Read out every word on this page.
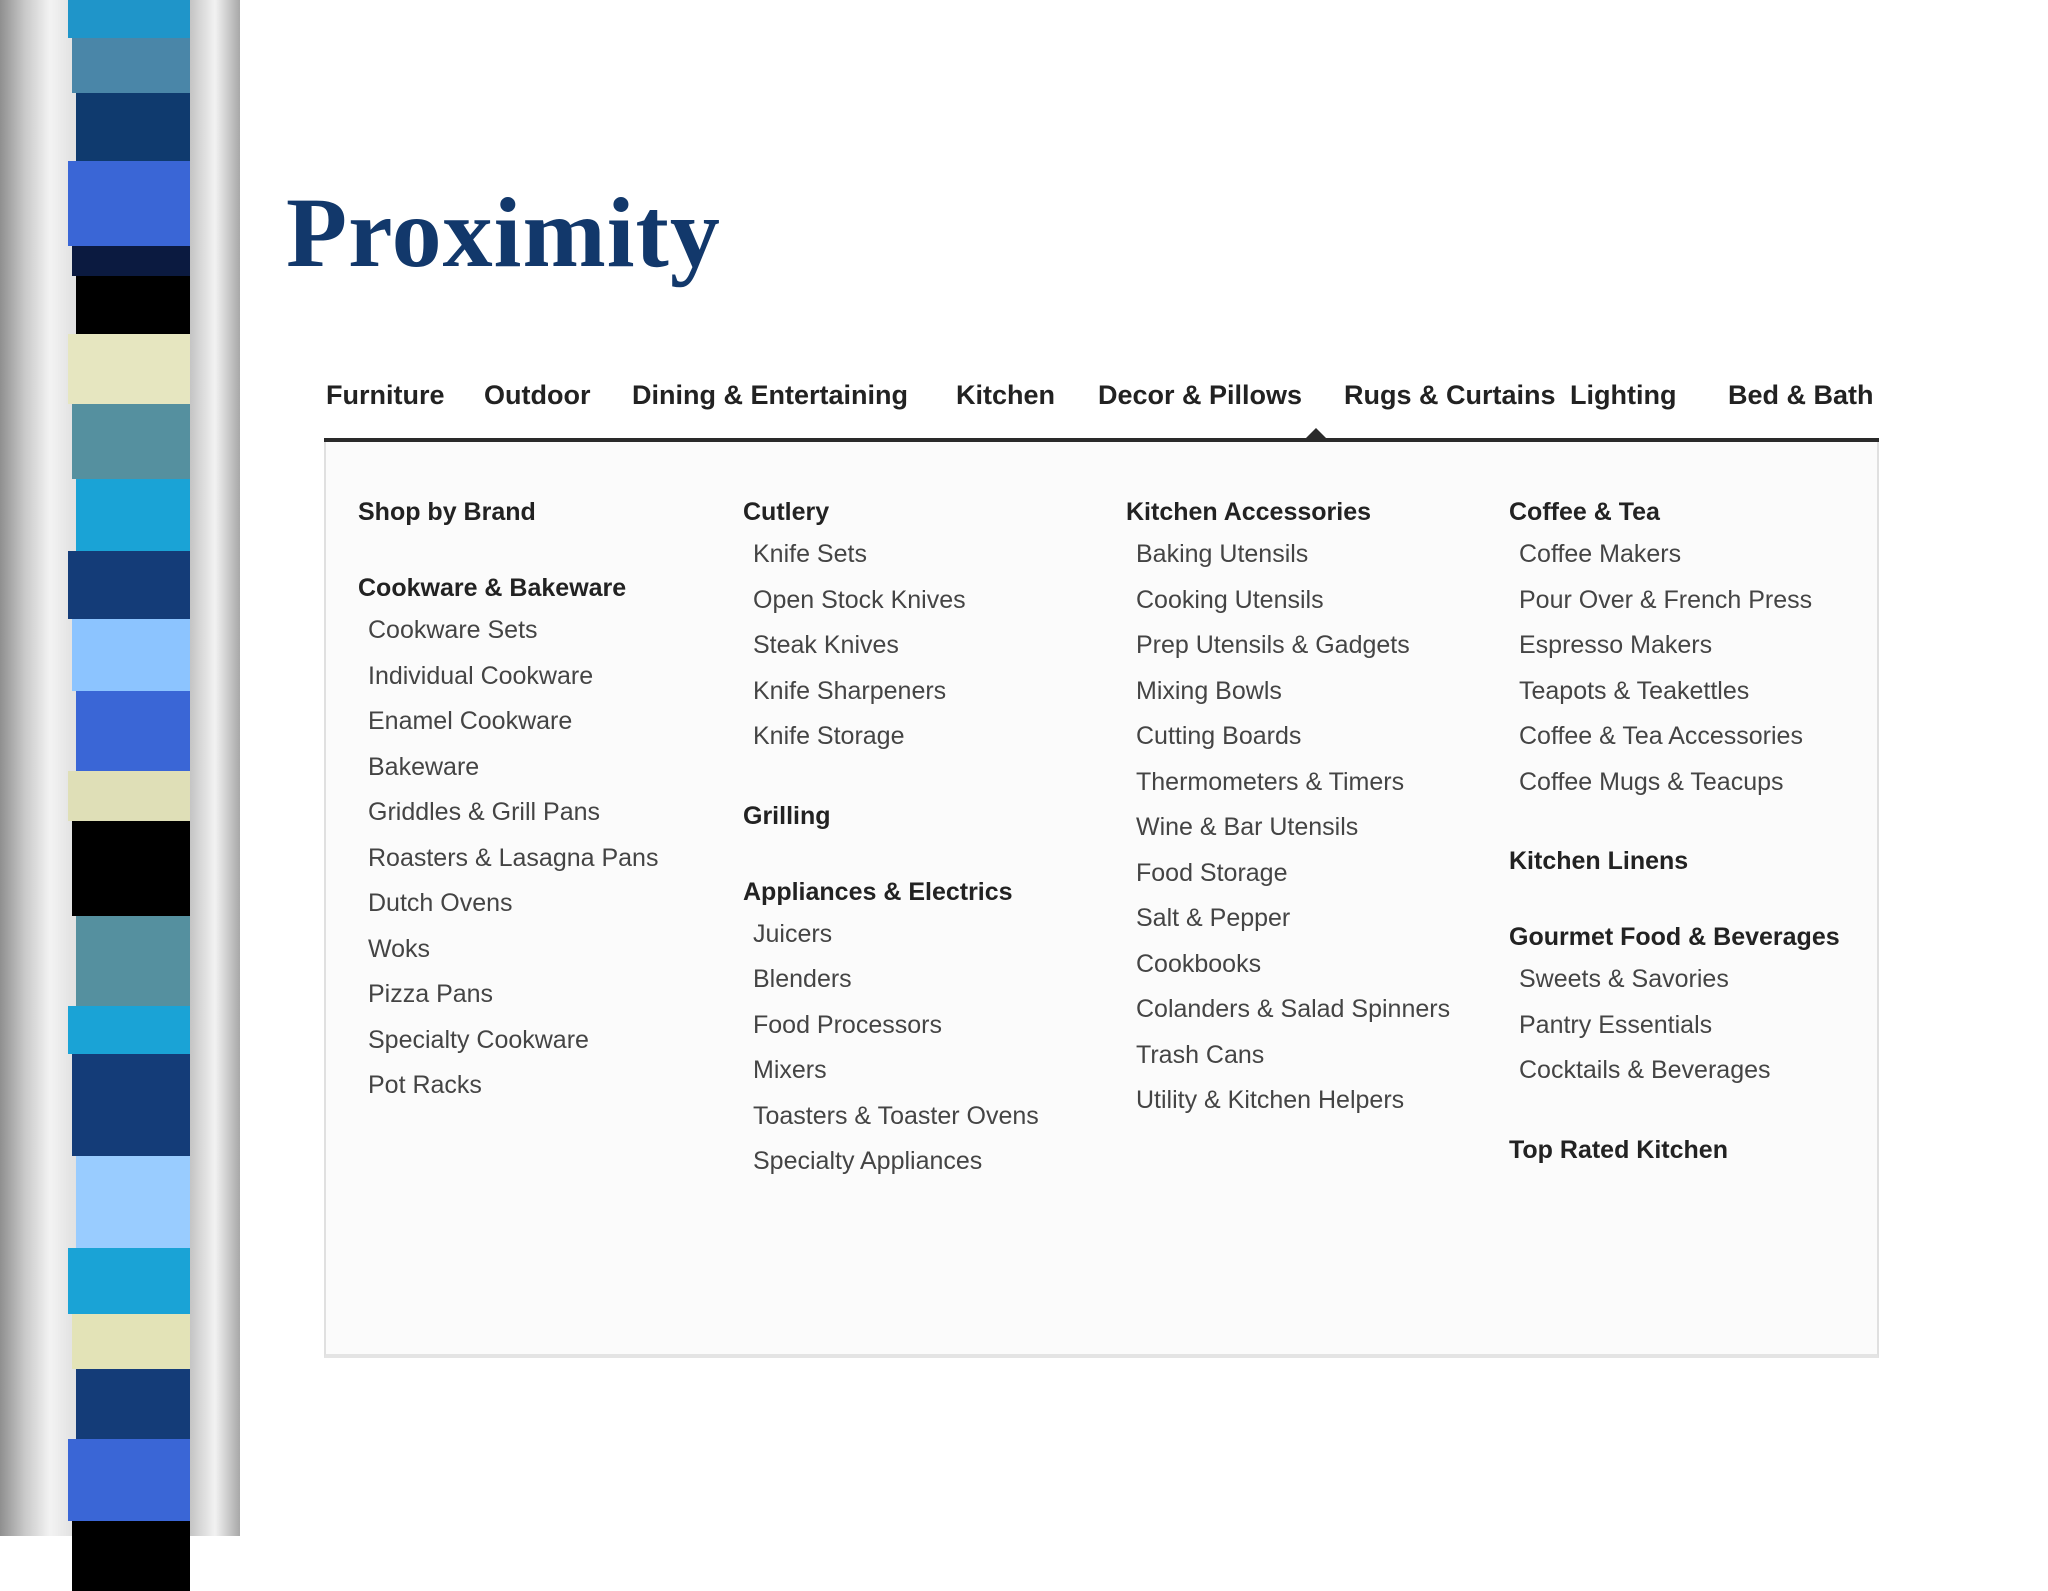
Proximity
Furniture Outdoor Dining & Entertaining Kitchen Decor & Pillows Rugs & Curtains Lighting Bed & Bath
Shop by Brand
Cookware & Bakeware
Cookware Sets
Individual Cookware
Enamel Cookware
Bakeware
Griddles & Grill Pans
Roasters & Lasagna Pans
Dutch Ovens
Woks
Pizza Pans
Specialty Cookware
Pot Racks
Cutlery
Knife Sets
Open Stock Knives
Steak Knives
Knife Sharpeners
Knife Storage
Grilling
Appliances & Electrics
Juicers
Blenders
Food Processors
Mixers
Toasters & Toaster Ovens
Specialty Appliances
Kitchen Accessories
Baking Utensils
Cooking Utensils
Prep Utensils & Gadgets
Mixing Bowls
Cutting Boards
Thermometers & Timers
Wine & Bar Utensils
Food Storage
Salt & Pepper
Cookbooks
Colanders & Salad Spinners
Trash Cans
Utility & Kitchen Helpers
Coffee & Tea
Coffee Makers
Pour Over & French Press
Espresso Makers
Teapots & Teakettles
Coffee & Tea Accessories
Coffee Mugs & Teacups
Kitchen Linens
Gourmet Food & Beverages
Sweets & Savories
Pantry Essentials
Cocktails & Beverages
Top Rated Kitchen
